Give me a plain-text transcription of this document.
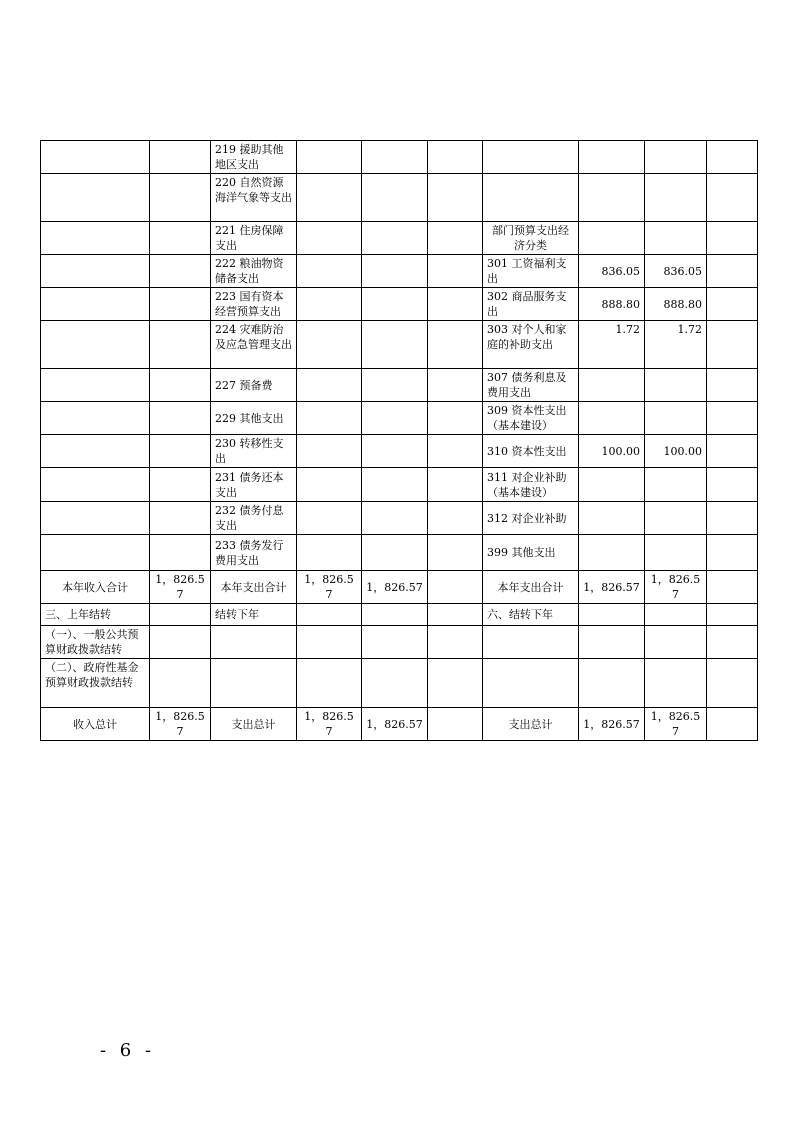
		219 援助其他地区支出							
		220 自然资源海洋气象等支出							
		221 住房保障支出				部门预算支出经济分类			
		222 粮油物资储备支出				301 工资福利支出	836.05	836.05	
		223 国有资本经营预算支出				302 商品服务支出	888.80	888.80	
		224 灾难防治及应急管理支出				303 对个人和家庭的补助支出	1.72	1.72	
		227 预备费				307 债务利息及费用支出			
		229 其他支出				309 资本性支出（基本建设）			
		230 转移性支出				310 资本性支出	100.00	100.00	
		231 债务还本支出				311 对企业补助（基本建设）			
		232 债务付息支出				312 对企业补助			
		233 债务发行费用支出				399 其他支出			
本年收入合计	1，826.57	本年支出合计	1，826.57	1，826.57		本年支出合计	1，826.57	1，826.57	
三、上年结转		结转下年				六、结转下年			
（一）、一般公共预算财政拨款结转									
（二）、政府性基金预算财政拨款结转									
收入总计	1，826.57	支出总计	1，826.57	1，826.57		支出总计	1，826.57	1，826.57	
- 6 -
